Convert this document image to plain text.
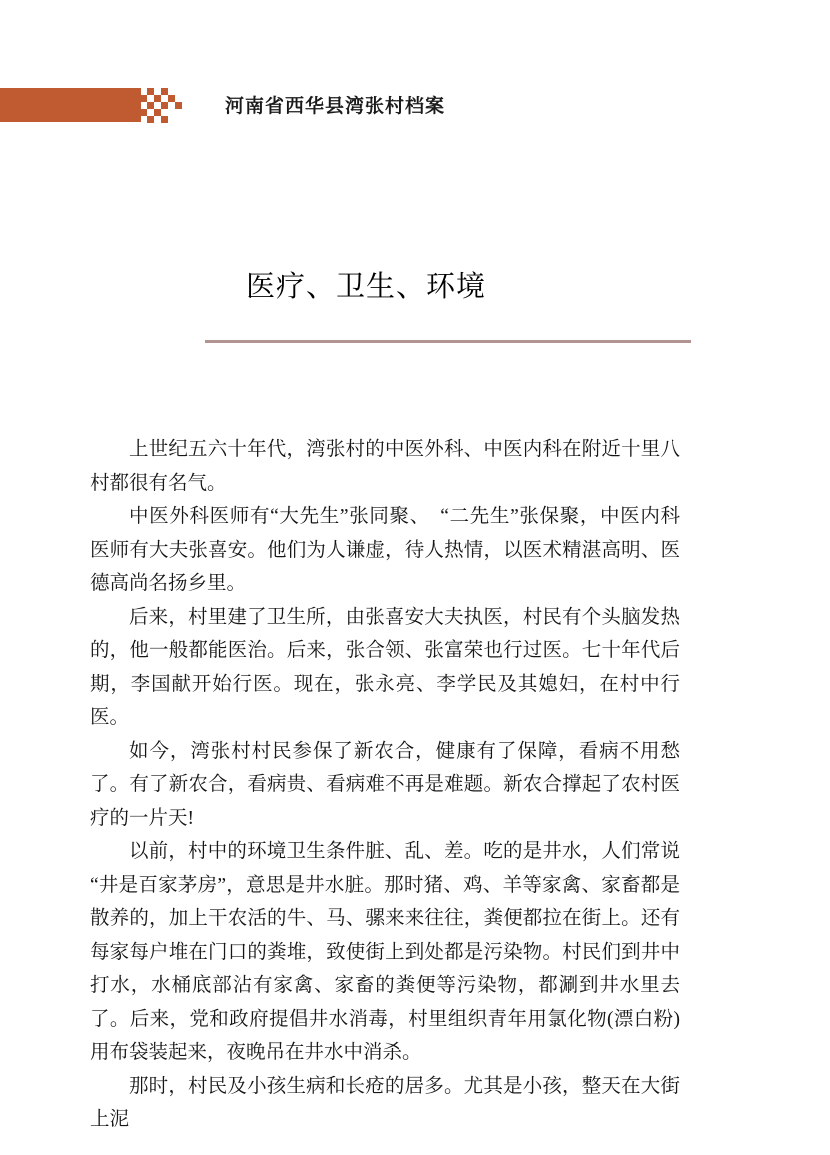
河南省西华县湾张村档案
医疗、卫生、环境

上世纪五六十年代，湾张村的中医外科、中医内科在附近十里八村都很有名气。

中医外科医师有“大先生”张同聚、　“二先生”张保聚，中医内科医师有大夫张喜安。他们为人谦虚，待人热情，以医术精湛高明、医德高尚名扬乡里。

后来，村里建了卫生所，由张喜安大夫执医，村民有个头脑发热的，他一般都能医治。后来，张合领、张富荣也行过医。七十年代后期，李国献开始行医。现在，张永亮、李学民及其媳妇，在村中行医。

如今，湾张村村民参保了新农合，健康有了保障，看病不用愁了。有了新农合，看病贵、看病难不再是难题。新农合撑起了农村医疗的一片天!

以前，村中的环境卫生条件脏、乱、差。吃的是井水，人们常说“井是百家茅房”，意思是井水脏。那时猪、鸡、羊等家禽、家畜都是散养的，加上干农活的牛、马、骡来来往往，粪便都拉在街上。还有每家每户堆在门口的粪堆，致使街上到处都是污染物。村民们到井中打水，水桶底部沾有家禽、家畜的粪便等污染物，都涮到井水里去了。后来，党和政府提倡井水消毒，村里组织青年用氯化物(漂白粉)用布袋装起来，夜晚吊在井水中消杀。

那时，村民及小孩生病和长疮的居多。尤其是小孩，整天在大街上泥
